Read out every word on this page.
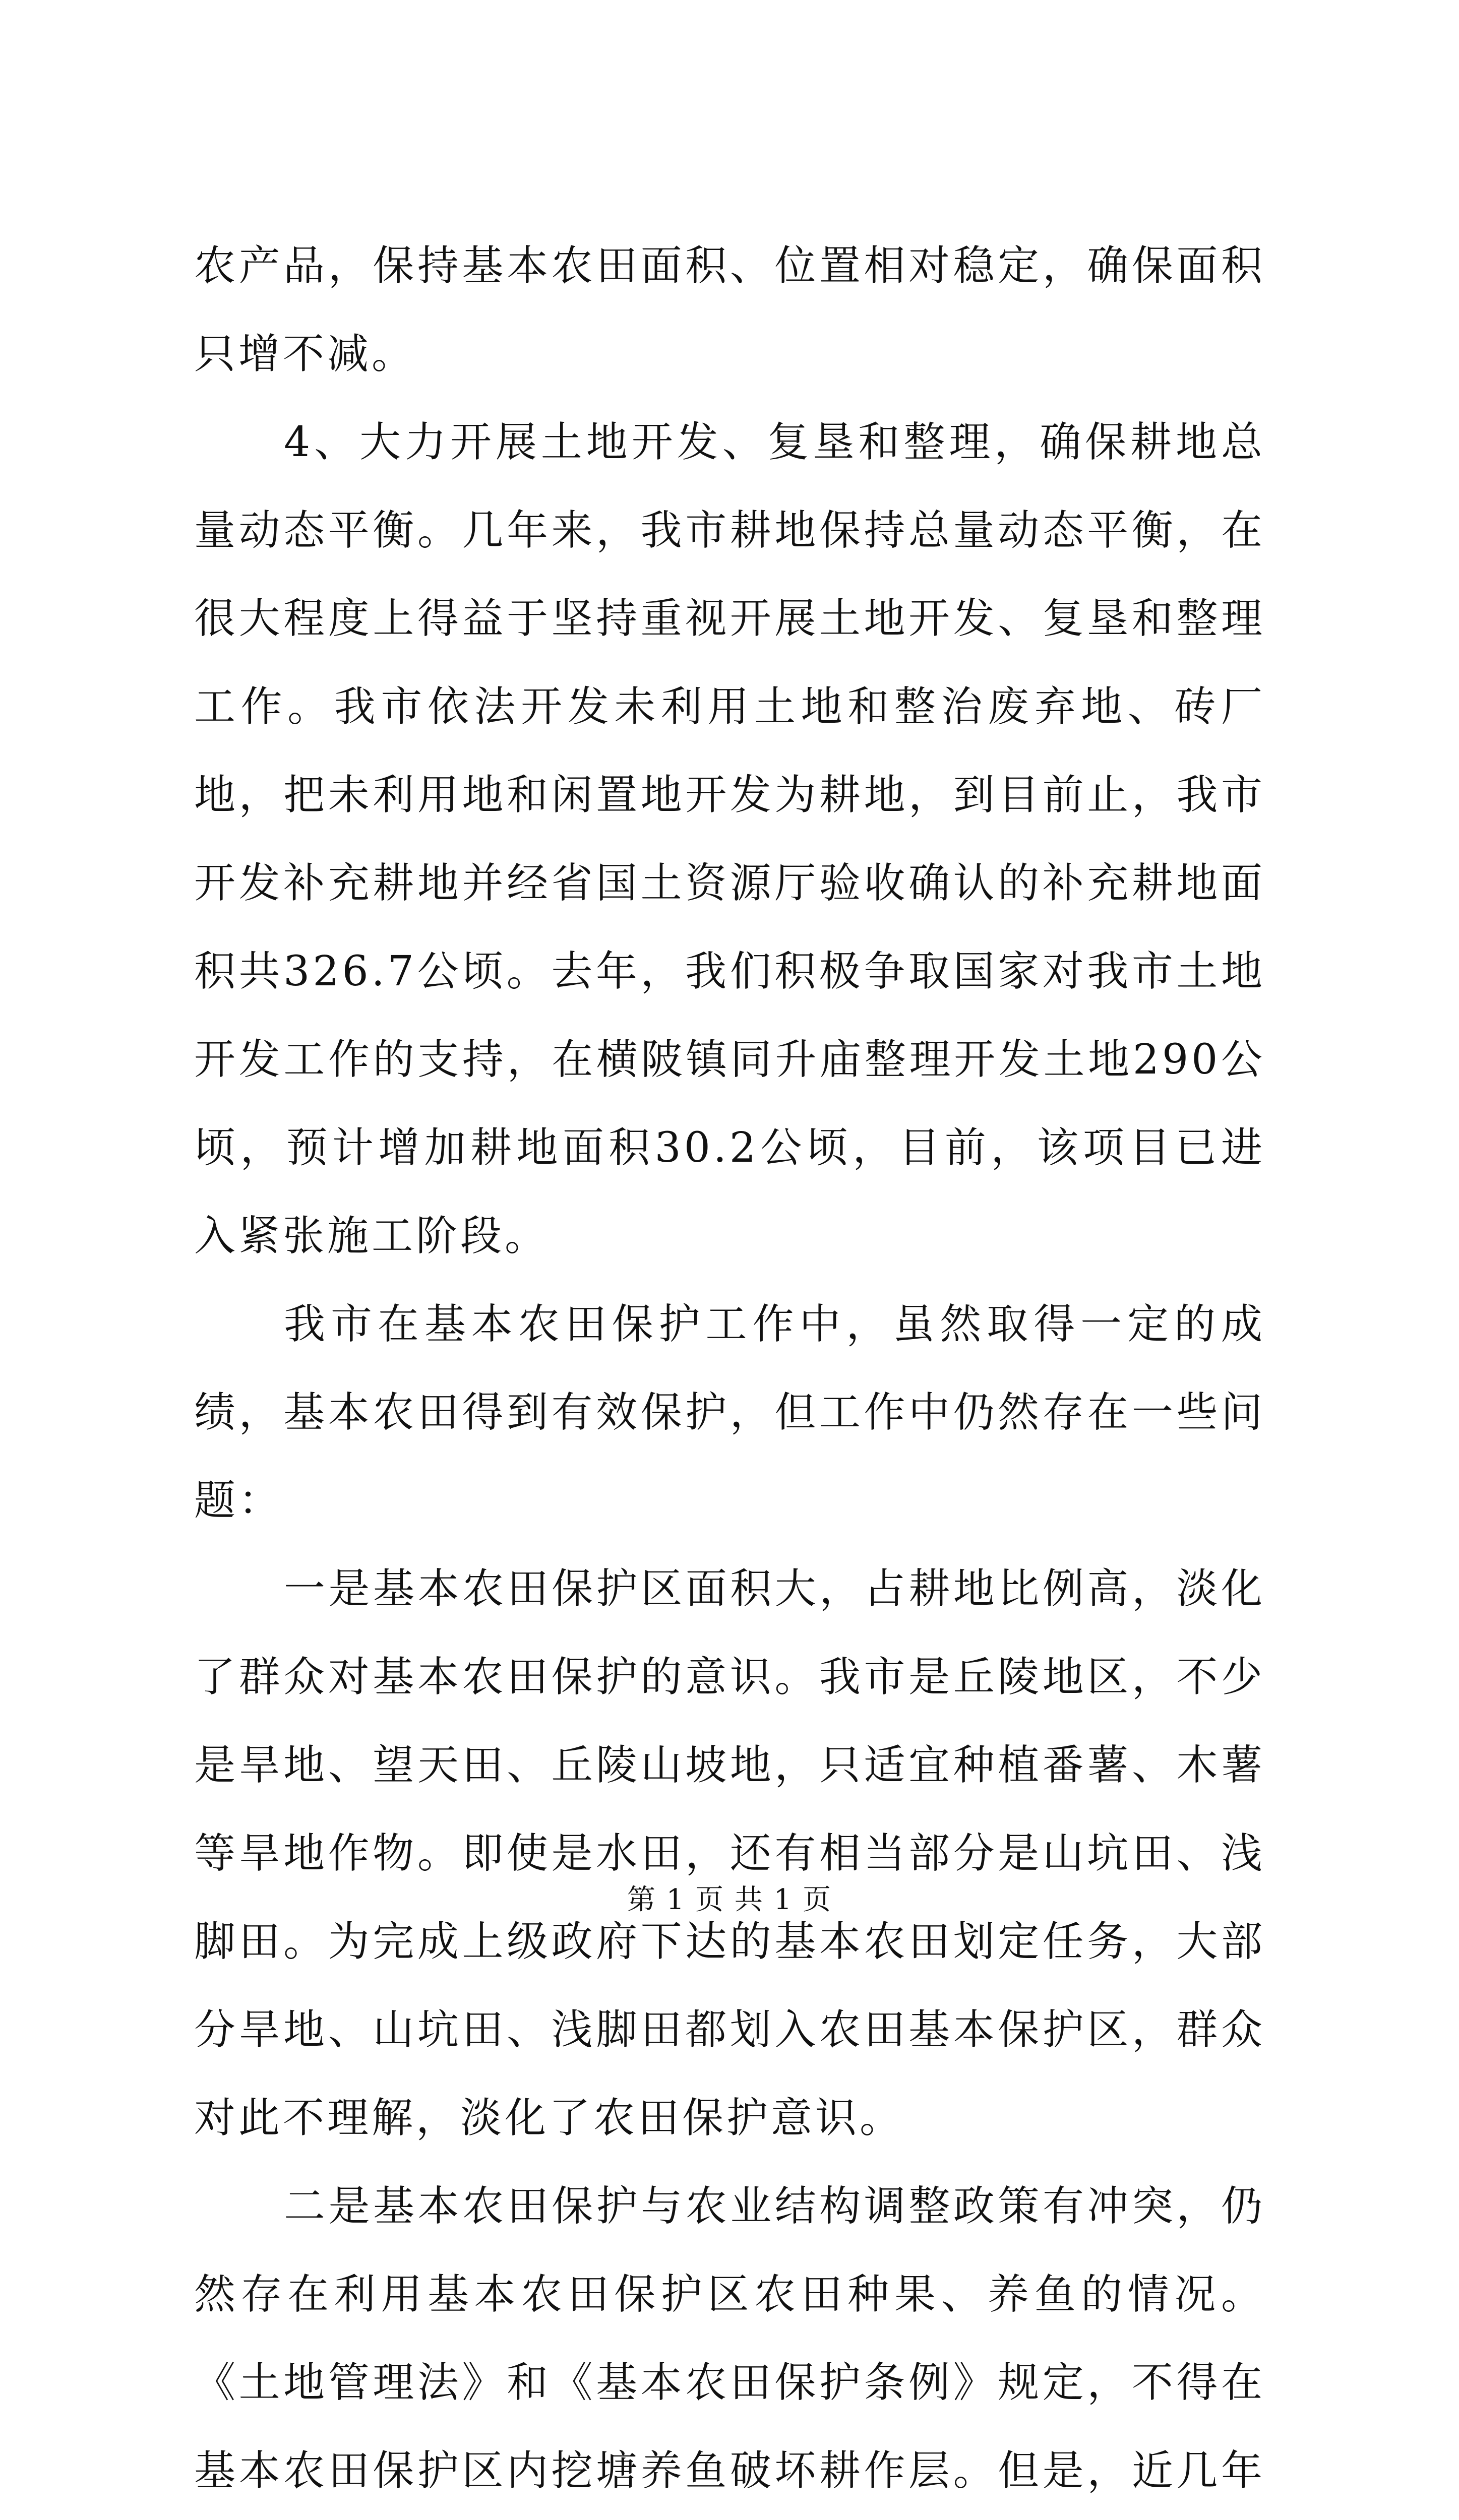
农产品，保持基本农田面积、位置相对稳定，确保面积只增不减。

4、大力开展土地开发、复垦和整理，确保耕地总量动态平衡。几年来，我市耕地保持总量动态平衡，在很大程度上得益于坚持重视开展土地开发、复垦和整理工作。我市依法开发未利用土地和整治废弃地、砖厂地，把未利用地和闲置地开发为耕地，到目前止，我市开发补充耕地并经省国土资源厅验收确认的补充耕地面积共326.7公顷。去年，我们积极争取国家对我市土地开发工作的支持，在横陂镇同升庙整理开发土地290公顷，预计增加耕地面积30.2公顷，目前，该项目已进入紧张施工阶段。

我市在基本农田保护工作中，虽然取得一定的成绩，基本农田得到有效保护，但工作中仍然存在一些问题：

一是基本农田保护区面积大，占耕地比例高，淡化了群众对基本农田保护的意识。我市是丘陵地区，不少是旱地、望天田、丘陵山坡地，只适宜种植番薯、木薯等旱地作物。即使是水田，还有相当部分是山坑田、浅脚田。为完成上级政府下达的基本农田划定任务，大部分旱地、山坑田、浅脚田都划入农田基本保护区，群众对此不理解，淡化了农田保护意识。

二是基本农田保护与农业结构调整政策有冲突，仍然存在利用基本农田保护区农田种果、养鱼的情况。《土地管理法》和《基本农田保护条例》规定，不得在基本农田保护区内挖塘养鱼破坏耕作层。但是，近几年

第 1 页 共 1 页
